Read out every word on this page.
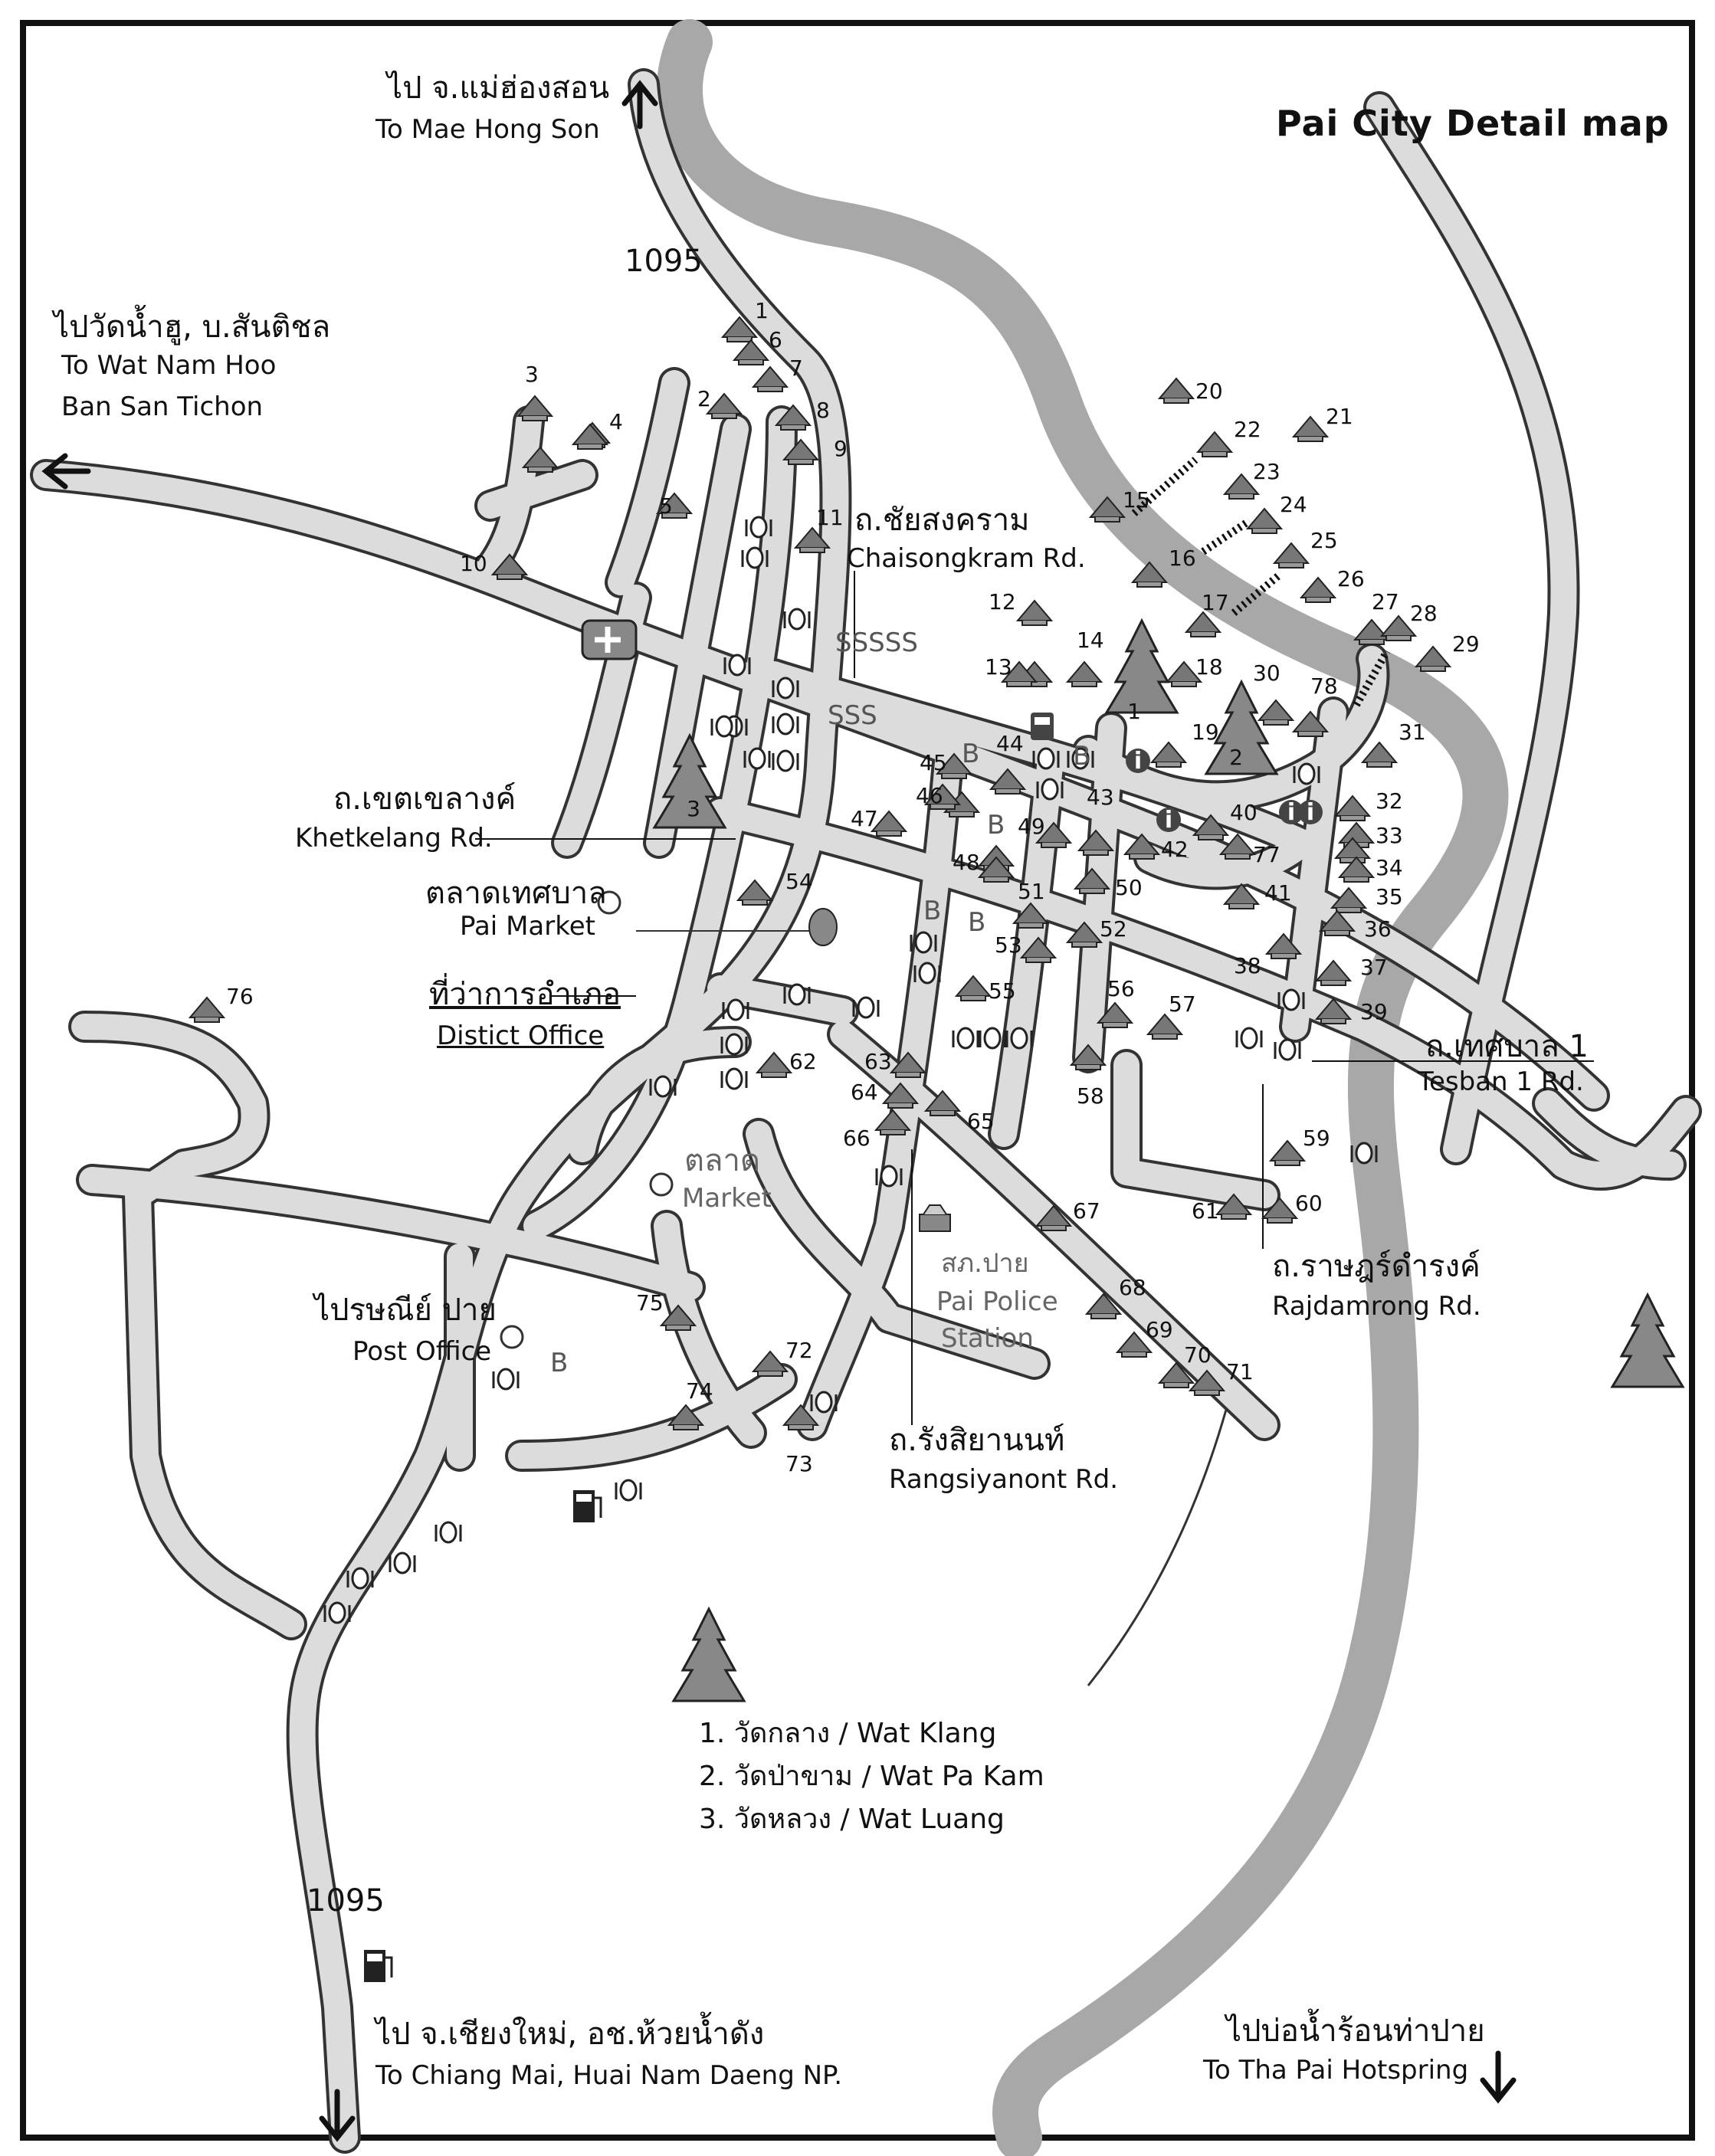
i
i	i i
1
2
3
1
3
4
5
6
7
8
9
10
11
12
13
14
15
16
17
18
19
20
21
22
23
24
25
26
27 28
29
30
31
32
33
34
35
36
37
38
39
40
41
42
43
44
45
46
47
48
49
50
51
52
53
54
55	56
57
58
59
60
61
62 63
64
65
66
67
68
69
70
71
72
73
74
75
76
77
78
2
SSSSS
SSS
B	B
B
B B
B
Pai City Detail map
ไป จ.แม่ฮ่องสอน
To Mae Hong Son
1095
ไปวัดน้ำฮู, บ.สันติชล
To Wat Nam Hoo
Ban San Tichon
ถ.ชัยสงคราม
Chaisongkram Rd.
ถ.เขตเขลางค์
Khetkelang Rd.
ตลาดเทศบาล
Pai Market
ที่ว่าการอำเภอ
Distict Office
ตลาด
Market
ไปรษณีย์ ปาย
Post Office
สภ.ปาย
Pai Police
Station
ถ.เทศบาล 1
Tesban 1 Rd.
ถ.ราษฎร์ดำรงค์
Rajdamrong Rd.
ถ.รังสิยานนท์
Rangsiyanont Rd.
1. วัดกลาง / Wat Klang
2. วัดป่าขาม / Wat Pa Kam
3. วัดหลวง / Wat Luang
1095
ไป จ.เชียงใหม่, อช.ห้วยน้ำดัง
To Chiang Mai, Huai Nam Daeng NP.
ไปบ่อน้ำร้อนท่าปาย
To Tha Pai Hotspring
